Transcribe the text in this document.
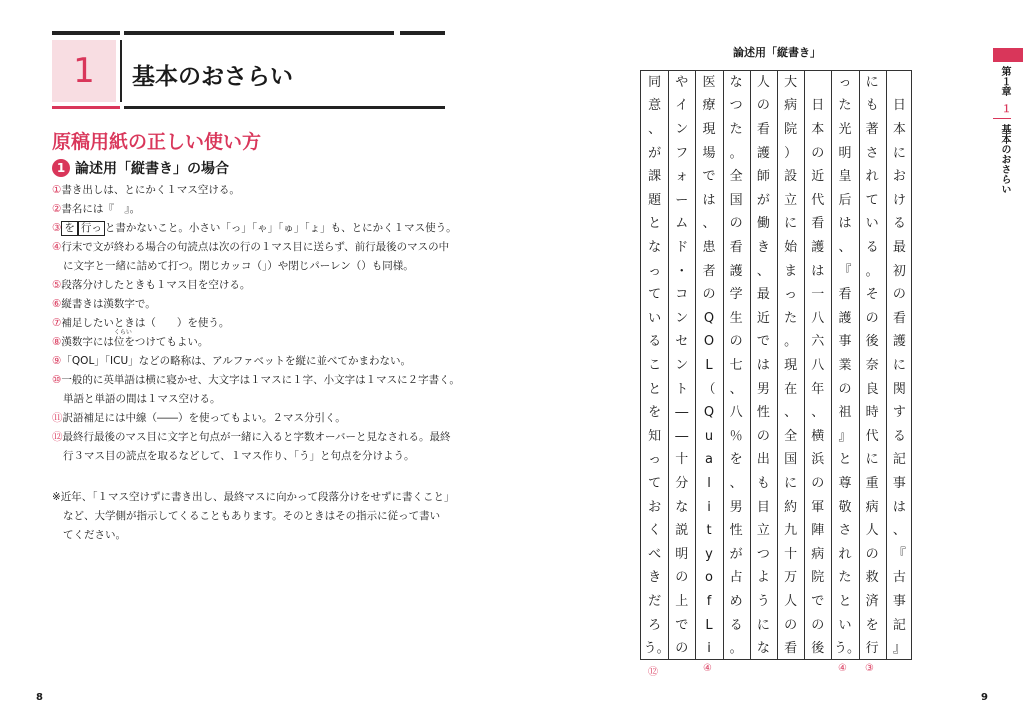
1 基本のおさらい
原稿用紙の正しい使い方
1 論述用「縦書き」の場合
①書き出しは、とにかく１マス空ける。
②書名には『　』。
③ を 行っ と書かないこと。小さい「っ」「ゃ」「ゅ」「ょ」も、とにかく１マス使う。
④行末で文が終わる場合の句読点は次の行の１マス目に送らず、前行最後のマスの中
に文字と一緒に詰めて打つ。閉じカッコ（」）や閉じパーレン（）も同様。
⑤段落分けしたときも１マス目を空ける。
⑥縦書きは漢数字で。
⑦補足したいときは（　　）を使う。
⑧漢数字には
くらい
位をつけてもよい。
⑨「QOL」「ICU」などの略称は、アルファベットを縦に並べてかまわない。
⑩一般的に英単語は横に寝かせ、大文字は１マスに１字、小文字は１マスに２字書く。
単語と単語の間は１マス空ける。
⑪訳語補足には中線（――）を使ってもよい。２マス分引く。
⑫最終行最後のマス目に文字と句点が一緒に入ると字数オーバーと見なされる。最終
行３マス目の読点を取るなどして、１マス作り、「う」と句点を分けよう。
※近年、「１マス空けずに書き出し、最終マスに向かって段落分けをせずに書くこと」
など、大学側が指示してくることもあります。そのときはその指示に従って書い
てください。
8
論述用「縦書き」
日
本
に
お
け
る
最
初
の
看
護
に
関
す
る
記
事
は
、
『
古
事
記
』
に
も
著
さ
れ
て
い
る
。
そ
の
後
奈
良
時
代
に
重
病
人
の
救
済
を
行
っ
た
光
明
皇
后
は
、
『
看
護
事
業
の
祖
』
と
尊
敬
さ
れ
た
と
い
う。
日
本
の
近
代
看
護
は
一
八
六
八
年
、
横
浜
の
軍
陣
病
院
で
の
後
大
病
院
）
設
立
に
始
ま
っ
た
。
現
在
、
全
国
に
約
九
十
万
人
の
看
人
の
看
護
師
が
働
き
、
最
近
で
は
男
性
の
出
も
目
立
つ
よ
う
に
な
な
つ
た
。
全
国
の
看
護
学
生
の
七
、
八
％
を
、
男
性
が
占
め
る
。
医
療
現
場
で
は
、
患
者
の
Q
O
L
（
Q
u
a
l
i
t
y
o
f
L
i
や
イ
ン
フ
ォ
ー
ム
ド
・
コ
ン
セ
ン
ト
―
―
十
分
な
説
明
の
上
で
の
同
意
、
が
課
題
と
な
っ
て
い
る
こ
と
を
知
っ
て
お
く
べ
き
だ
ろ
う。
⑫	④	④ ③
第１章
１
基本のおさらい
9
